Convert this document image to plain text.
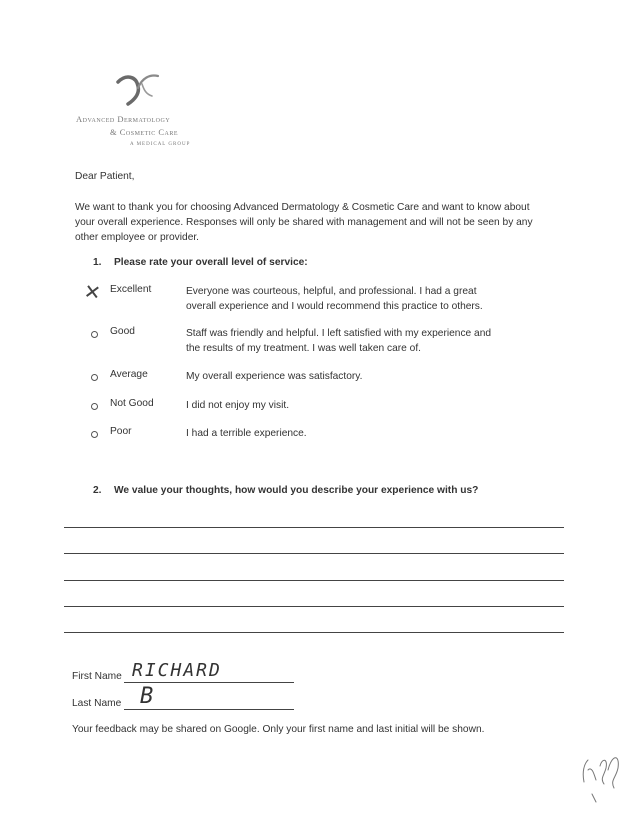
Advanced Dermatology
& Cosmetic Care
A MEDICAL GROUP
Dear Patient,
We want to thank you for choosing Advanced Dermatology & Cosmetic Care and want to know about
your overall experience. Responses will only be shared with management and will not be seen by any
other employee or provider.
1. Please rate your overall level of service:
✕ Excellent	Everyone was courteous, helpful, and professional. I had a great
overall experience and I would recommend this practice to others.
Good	Staff was friendly and helpful. I left satisfied with my experience and
the results of my treatment. I was well taken care of.
Average	My overall experience was satisfactory.
Not Good	I did not enjoy my visit.
Poor	I had a terrible experience.
2. We value your thoughts, how would you describe your experience with us?
First Name RICHARD
Last Name B
Your feedback may be shared on Google. Only your first name and last initial will be shown.
